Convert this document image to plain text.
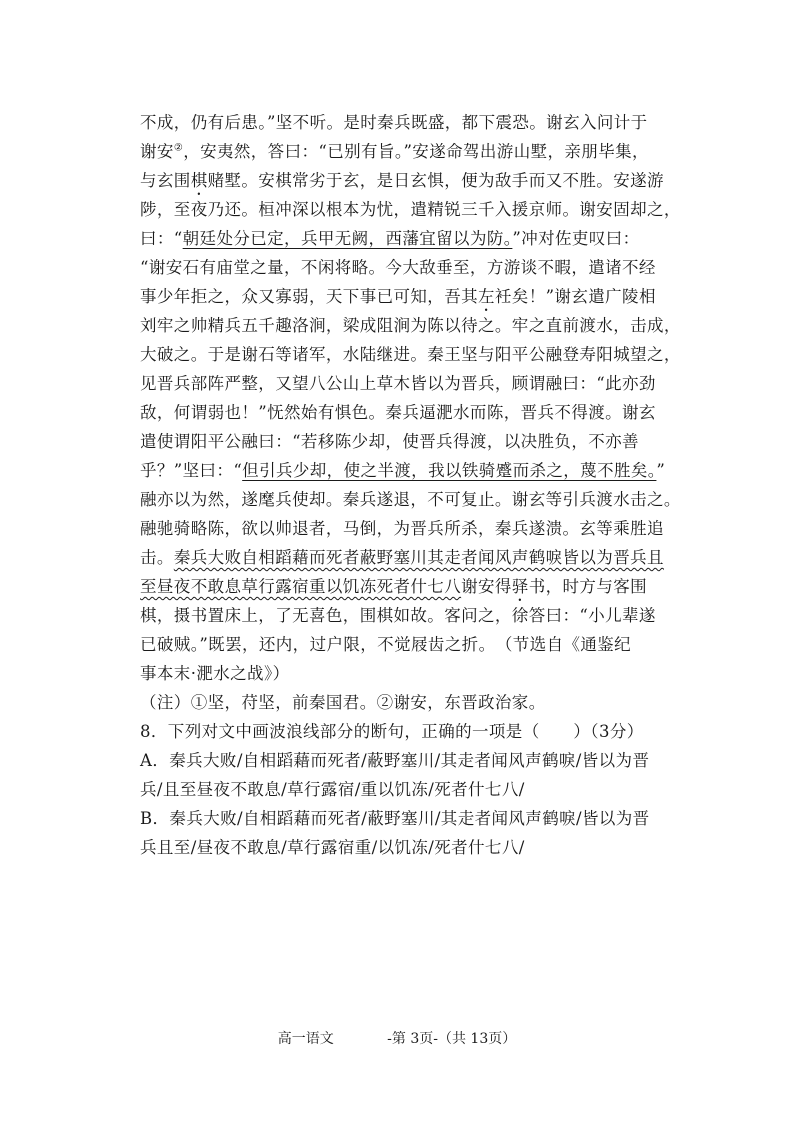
不成，仍有后患。”坚不听。是时秦兵既盛，都下震恐。谢玄入问计于
谢安②，安夷然，答曰：“已别有旨。”安遂命驾出游山墅，亲朋毕集，
与玄围棋赌墅。安棋常劣于玄，是日玄惧，便为敌手而又不胜。安遂游
陟，至夜乃还。桓冲深以根本为忧，遣精锐三千入援京师。谢安固却之，
曰：“朝廷处分已定，兵甲无阙，西藩宜留以为防。”冲对佐吏叹曰：
“谢安石有庙堂之量，不闲将略。今大敌垂至，方游谈不暇，遣诸不经
事少年拒之，众又寡弱，天下事已可知，吾其左衽矣！”谢玄遣广陵相
刘牢之帅精兵五千趣洛涧，梁成阻涧为陈以待之。牢之直前渡水，击成，
大破之。于是谢石等诸军，水陆继进。秦王坚与阳平公融登寿阳城望之，
见晋兵部阵严整，又望八公山上草木皆以为晋兵，顾谓融曰：“此亦劲
敌，何谓弱也！”怃然始有惧色。秦兵逼淝水而陈，晋兵不得渡。谢玄
遣使谓阳平公融曰：“若移陈少却，使晋兵得渡，以决胜负，不亦善
乎？”坚曰：“但引兵少却，使之半渡，我以铁骑蹙而杀之，蔑不胜矣。”
融亦以为然，遂麾兵使却。秦兵遂退，不可复止。谢玄等引兵渡水击之。
融驰骑略陈，欲以帅退者，马倒，为晋兵所杀，秦兵遂溃。玄等乘胜追
击。秦兵大败自相蹈藉而死者蔽野塞川其走者闻风声鹤唳皆以为晋兵且
至昼夜不敢息草行露宿重以饥冻死者什七八谢安得驿书，时方与客围
棋，摄书置床上，了无喜色，围棋如故。客问之，徐答曰：“小儿辈遂
已破贼。”既罢，还内，过户限，不觉屐齿之折。　（节选自《通鉴纪
事本末·淝水之战》）
（注）①坚，苻坚，前秦国君。②谢安，东晋政治家。
8．下列对文中画波浪线部分的断句，正确的一项是（　　）（3分）
A．秦兵大败/自相蹈藉而死者/蔽野塞川/其走者闻风声鹤唳/皆以为晋
兵/且至昼夜不敢息/草行露宿/重以饥冻/死者什七八/
B．秦兵大败/自相蹈藉而死者/蔽野塞川/其走者闻风声鹤唳/皆以为晋
兵且至/昼夜不敢息/草行露宿重/以饥冻/死者什七八/
高一语文	-第 3页-（共 13页）
